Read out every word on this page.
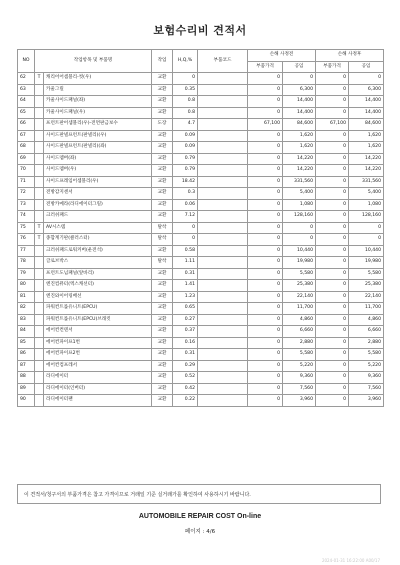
보험수리비 견적서
NO	작업항목 및 부품명		작업	H,Q,%	부품코드	손해 사정전		손해 사정후	
						부품가격	공임	부품가격	공임
62	T	캐리어어셈블리-컷(우)	교환	0		0	0	0	0
63		카울그릴	교환	0.35		0	6,300	0	6,300
64		카울사이드패널(좌)	교환	0.8		0	14,400	0	14,400
65		카울사이드패널(우)	교환	0.8		0	14,400	0	14,400
66		프런트판어셈블리(우)-전면판금보수	도장	4.7		67,100	84,600	67,100	84,600
67		사이드판넬프런트(판넬리)(우)	교환	0.09		0	1,620	0	1,620
68		사이드판넬프런트(판넬리)(좌)	교환	0.09		0	1,620	0	1,620
69		사이드멤버(좌)	교환	0.79		0	14,220	0	14,220
70		사이드멤버(우)	교환	0.79		0	14,220	0	14,220
71		사이드프레임어셈블리(우)	교환	18.42		0	331,560	0	331,560
72		전방감지센서	교환	0.3		0	5,400	0	5,400
73		전방카메라(라디에이터그릴)	교환	0.06		0	1,080	0	1,080
74		크러쉬패드	교환	7.12		0	128,160	0	128,160
75	T	AV시스템	탈착	0		0	0	0	0
76	T	종합계기판(클러스터)	탈착	0		0	0	0	0
77		크러쉬패드로워커버(운전석)	교환	0.58		0	10,440	0	10,440
78		글로브박스	탈착	1.11		0	19,980	0	19,980
79		프런트도넘패널(앞바리)	교환	0.31		0	5,580	0	5,580
80		엔진컴퓨터(엑스캐선터)	교환	1.41		0	25,380	0	25,380
81		엔진와이어링배선	교환	1.23		0	22,140	0	22,140
82		파워컨트롤유니트(EPCU)	교환	0.65		0	11,700	0	11,700
83		파워컨트롤유니트(EPCU)브래킷	교환	0.27		0	4,860	0	4,860
84		에어컨컨덴서	교환	0.37		0	6,660	0	6,660
85		에어컨파이프1번	교환	0.16		0	2,880	0	2,880
86		에어컨파이프2번	교환	0.31		0	5,580	0	5,580
87		에어컨컴프레서	교환	0.29		0	5,220	0	5,220
88		라디에이터	교환	0.52		0	9,360	0	9,360
89		라디에이터(인버터)	교환	0.42		0	7,560	0	7,560
90		라디에이터팬	교환	0.22		0	3,960	0	3,960
이 견적서/청구서의 부품가격은 참고 가격이므로 거래일 기준 실거래가를 확인하여 사용하시기 바랍니다.
AUTOMOBILE REPAIR COST On-line
페이지 : 4/6
2024-01-31 16:22:00 A00/17
